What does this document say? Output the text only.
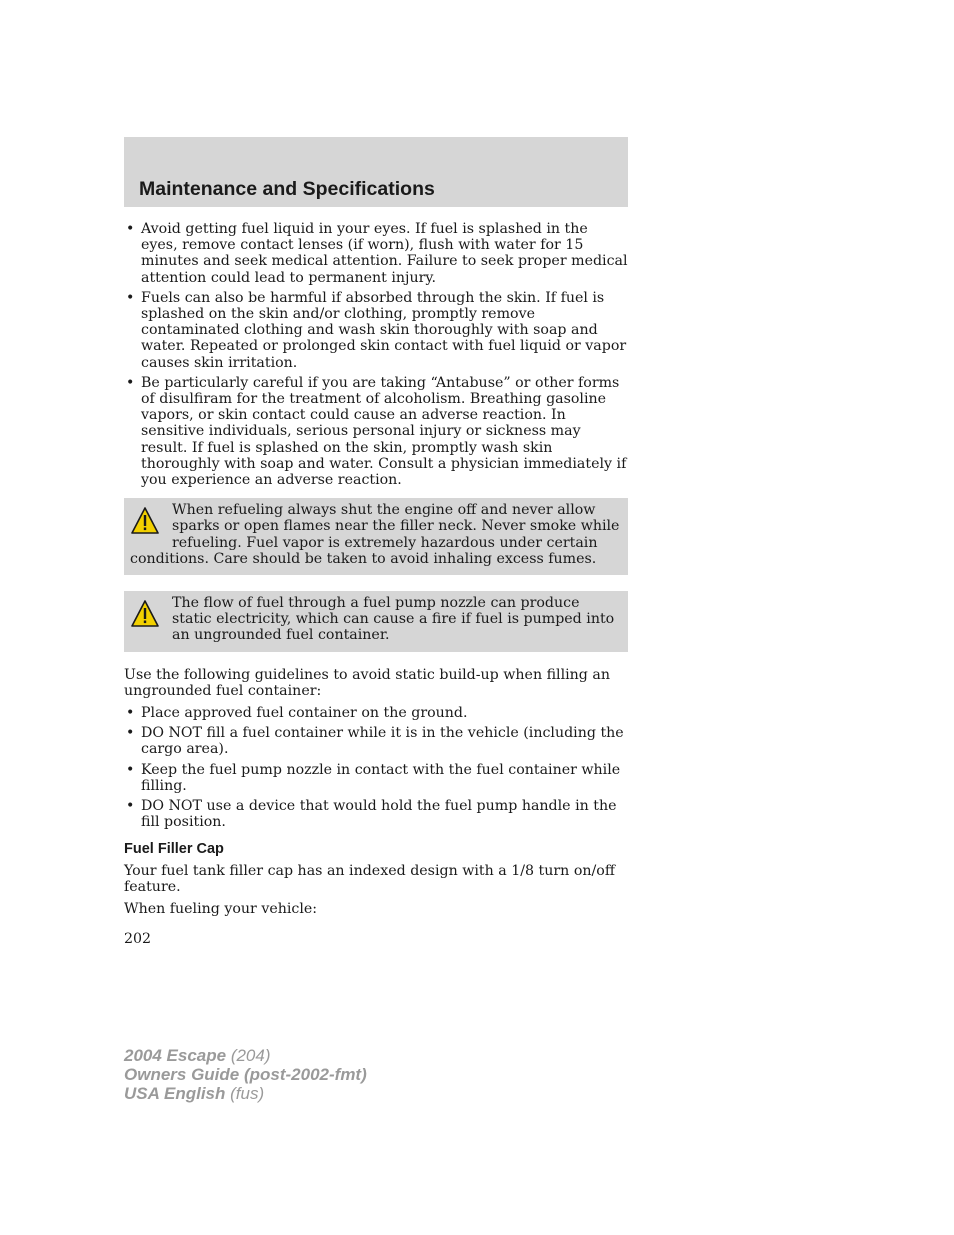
Maintenance and Specifications
• Avoid getting fuel liquid in your eyes. If fuel is splashed in the eyes, remove contact lenses (if worn), flush with water for 15 minutes and seek medical attention. Failure to seek proper medical attention could lead to permanent injury.
• Fuels can also be harmful if absorbed through the skin. If fuel is splashed on the skin and/or clothing, promptly remove contaminated clothing and wash skin thoroughly with soap and water. Repeated or prolonged skin contact with fuel liquid or vapor causes skin irritation.
• Be particularly careful if you are taking “Antabuse” or other forms of disulfiram for the treatment of alcoholism. Breathing gasoline vapors, or skin contact could cause an adverse reaction. In sensitive individuals, serious personal injury or sickness may result. If fuel is splashed on the skin, promptly wash skin thoroughly with soap and water. Consult a physician immediately if you experience an adverse reaction.

When refueling always shut the engine off and never allow sparks or open flames near the filler neck. Never smoke while refueling. Fuel vapor is extremely hazardous under certain conditions. Care should be taken to avoid inhaling excess fumes.

The flow of fuel through a fuel pump nozzle can produce static electricity, which can cause a fire if fuel is pumped into an ungrounded fuel container.

Use the following guidelines to avoid static build-up when filling an ungrounded fuel container:

• Place approved fuel container on the ground.
• DO NOT fill a fuel container while it is in the vehicle (including the cargo area).
• Keep the fuel pump nozzle in contact with the fuel container while filling.
• DO NOT use a device that would hold the fuel pump handle in the fill position.
Fuel Filler Cap

Your fuel tank filler cap has an indexed design with a 1/8 turn on/off feature.

When fueling your vehicle:

202
2004 Escape (204)
Owners Guide (post-2002-fmt)
USA English (fus)
